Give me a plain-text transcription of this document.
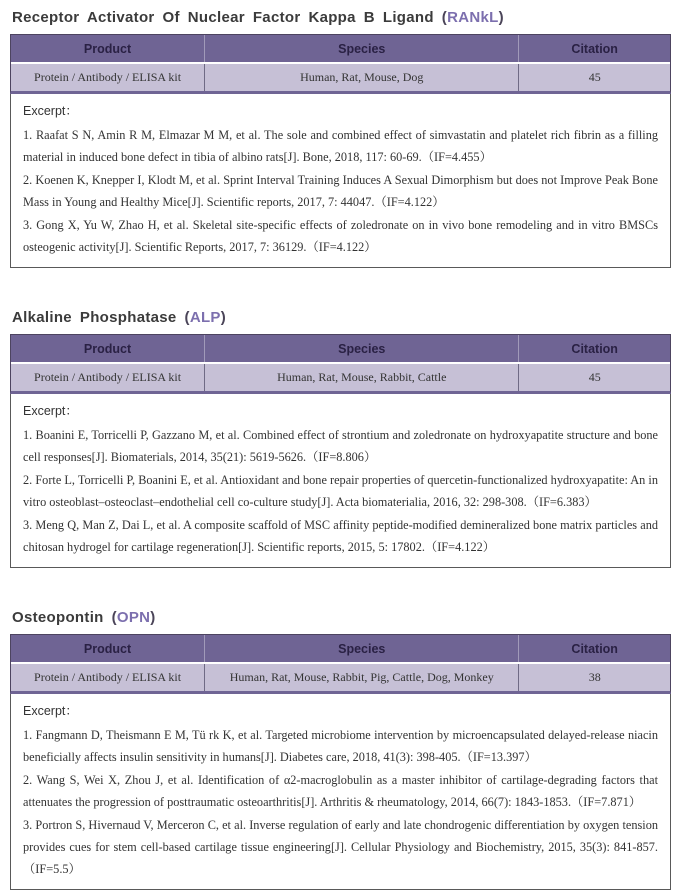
Receptor Activator Of Nuclear Factor Kappa B Ligand (RANkL)
Product	Species	Citation
Protein / Antibody / ELISA kit	Human, Rat, Mouse, Dog	45

Excerpt：

1. Raafat S N, Amin R M, Elmazar M M, et al. The sole and combined effect of simvastatin and platelet rich fibrin as a filling material in induced bone defect in tibia of albino rats[J]. Bone, 2018, 117: 60-69.（IF=4.455）

2. Koenen K, Knepper I, Klodt M, et al. Sprint Interval Training Induces A Sexual Dimorphism but does not Improve Peak Bone Mass in Young and Healthy Mice[J]. Scientific reports, 2017, 7: 44047.（IF=4.122）

3. Gong X, Yu W, Zhao H, et al. Skeletal site-specific effects of zoledronate on in vivo bone remodeling and in vitro BMSCs osteogenic activity[J]. Scientific Reports, 2017, 7: 36129.（IF=4.122）

Alkaline Phosphatase (ALP)
Product	Species	Citation
Protein / Antibody / ELISA kit	Human, Rat, Mouse, Rabbit, Cattle	45

Excerpt：

1. Boanini E, Torricelli P, Gazzano M, et al. Combined effect of strontium and zoledronate on hydroxyapatite structure and bone cell responses[J]. Biomaterials, 2014, 35(21): 5619-5626.（IF=8.806）

2. Forte L, Torricelli P, Boanini E, et al. Antioxidant and bone repair properties of quercetin-functionalized hydroxyapatite: An in vitro osteoblast–osteoclast–endothelial cell co-culture study[J]. Acta biomaterialia, 2016, 32: 298-308.（IF=6.383）

3. Meng Q, Man Z, Dai L, et al. A composite scaffold of MSC affinity peptide-modified demineralized bone matrix particles and chitosan hydrogel for cartilage regeneration[J]. Scientific reports, 2015, 5: 17802.（IF=4.122）

Osteopontin (OPN)
Product	Species	Citation
Protein / Antibody / ELISA kit	Human, Rat, Mouse, Rabbit, Pig, Cattle, Dog, Monkey	38

Excerpt：

1. Fangmann D, Theismann E M, Tü rk K, et al. Targeted microbiome intervention by microencapsulated delayed-release niacin beneficially affects insulin sensitivity in humans[J]. Diabetes care, 2018, 41(3): 398-405.（IF=13.397）

2. Wang S, Wei X, Zhou J, et al. Identification of α2-macroglobulin as a master inhibitor of cartilage-degrading factors that attenuates the progression of posttraumatic osteoarthritis[J]. Arthritis & rheumatology, 2014, 66(7): 1843-1853.（IF=7.871）

3. Portron S, Hivernaud V, Merceron C, et al. Inverse regulation of early and late chondrogenic differentiation by oxygen tension provides cues for stem cell-based cartilage tissue engineering[J]. Cellular Physiology and Biochemistry, 2015, 35(3): 841-857.（IF=5.5）
